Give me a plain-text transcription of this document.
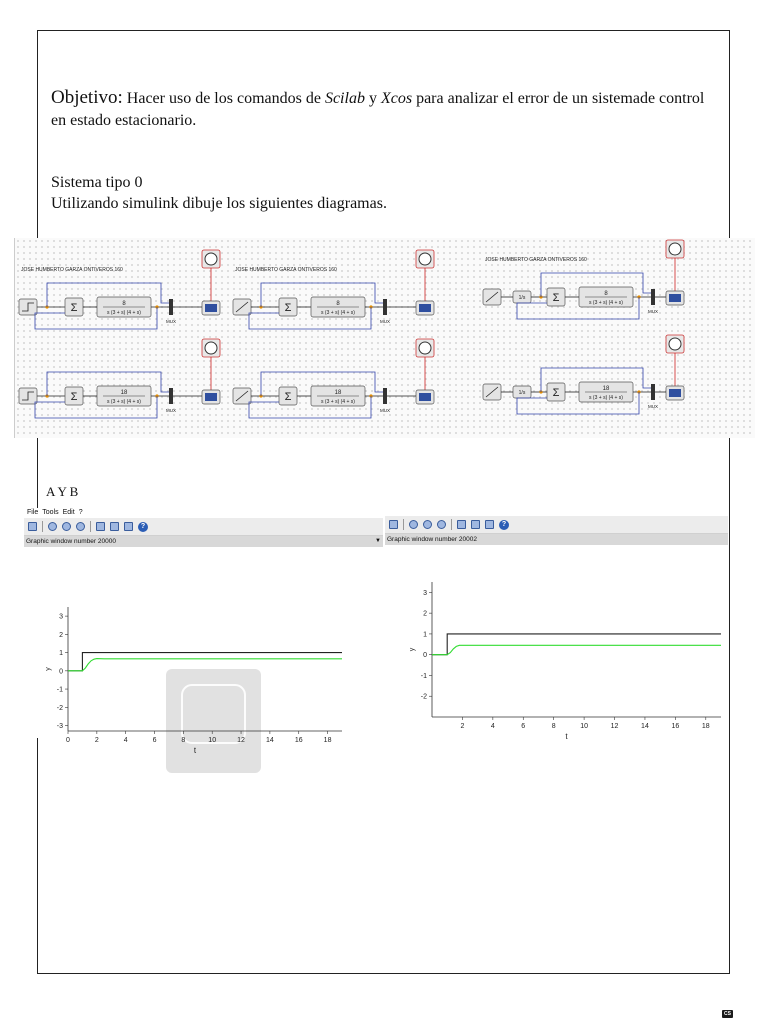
Objetivo: Hacer uso de los comandos de Scilab y Xcos para analizar el error de un sistemade control en estado estacionario.
Sistema tipo 0
Utilizando simulink dibuje los siguientes diagramas.
JOSE HUMBERTO GARZA ONTIVEROS 160
Σ	8
s (3 + s) (4 + s)
MUX
JOSE HUMBERTO GARZA ONTIVEROS 160
Σ	8
s (3 + s) (4 + s)
MUX
JOSE HUMBERTO GARZA ONTIVEROS 160
1/s Σ	8
s (3 + s) (4 + s)
MUX
Σ	18
s (3 + s) (4 + s)
MUX
Σ	18
s (3 + s) (4 + s)
MUX
1/s Σ	18
s (3 + s) (4 + s)
MUX
A Y B
File Tools Edit ?
?
Graphic window number 20000	▼
-3
-2
-1
0
1
2
3
0	2	4	6	8	10	12	14	16	18
y
t
?
Graphic window number 20002
-2
-1
0
1
2
3
2	4	6	8	10	12	14	16	18
y
t
CS
